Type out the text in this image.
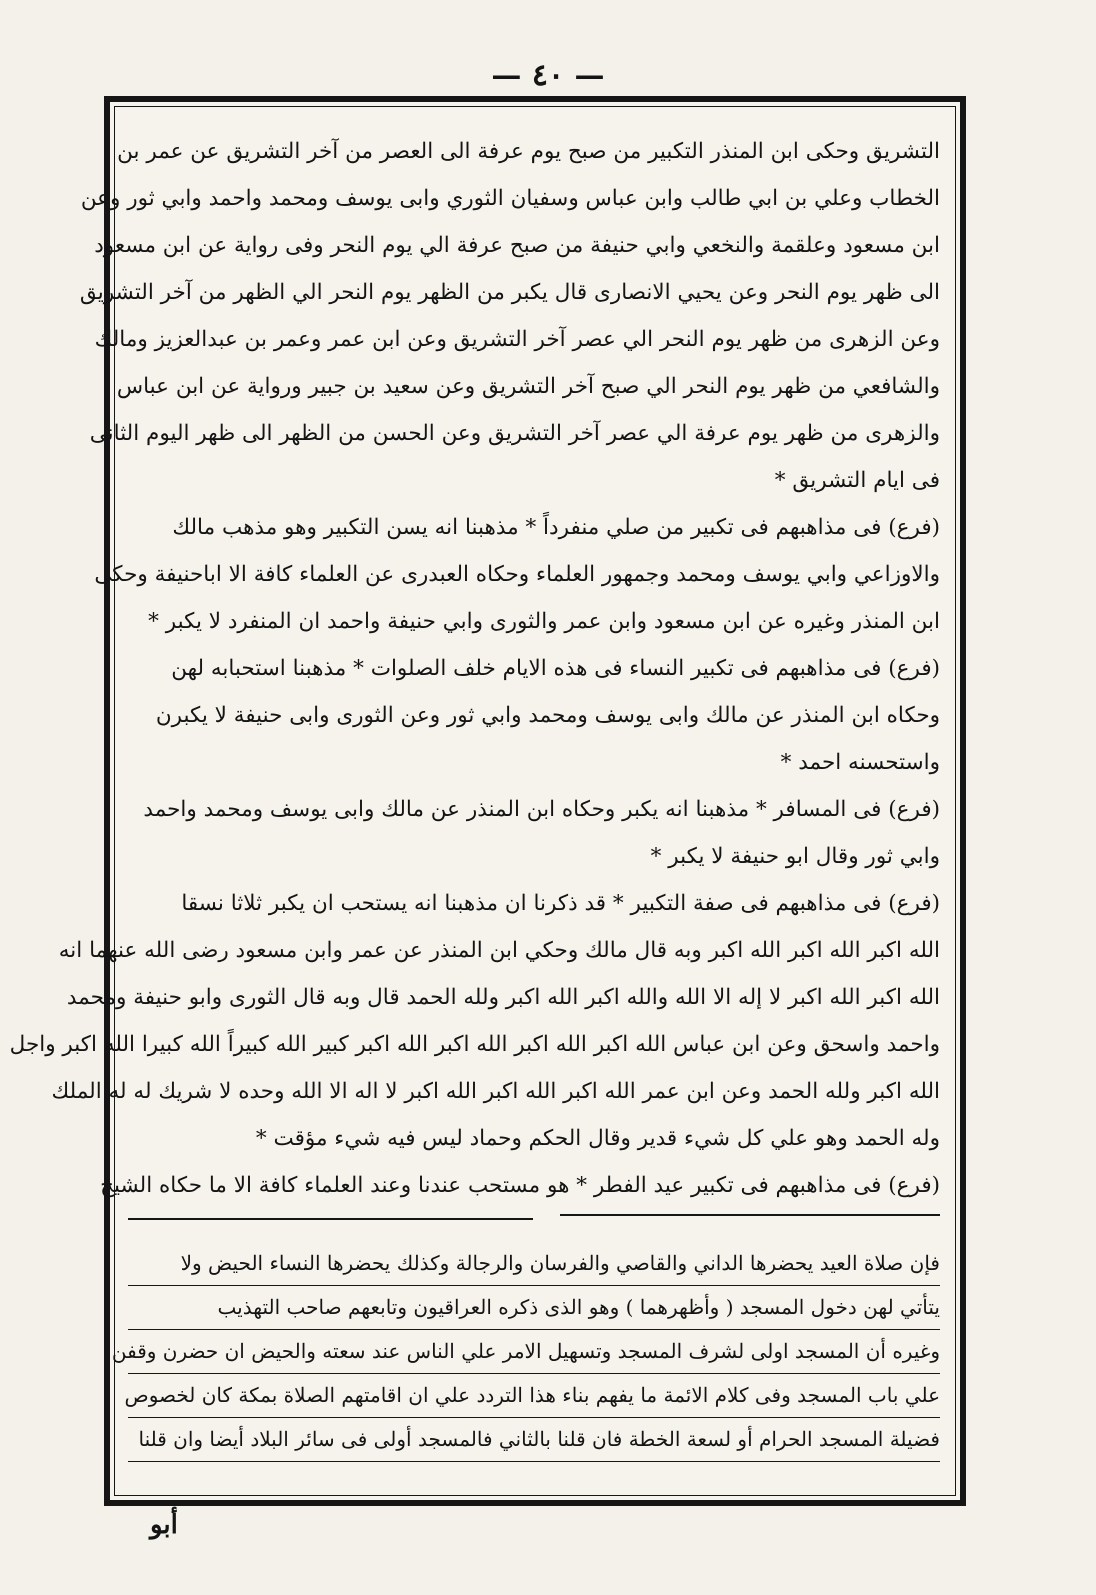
— ٤٠ —
التشريق وحكى ابن المنذر التكبير من صبح يوم عرفة الى العصر من آخر التشريق عن عمر بن
الخطاب وعلي بن ابي طالب وابن عباس وسفيان الثوري وابى يوسف ومحمد واحمد وابي ثور وعن
ابن مسعود وعلقمة والنخعي وابي حنيفة من صبح عرفة الي يوم النحر وفى رواية عن ابن مسعود
الى ظهر يوم النحر وعن يحيي الانصارى قال يكبر من الظهر يوم النحر الي الظهر من آخر التشريق
وعن الزهرى من ظهر يوم النحر الي عصر آخر التشريق وعن ابن عمر وعمر بن عبدالعزيز ومالك
والشافعي من ظهر يوم النحر الي صبح آخر التشريق وعن سعيد بن جبير ورواية عن ابن عباس
والزهرى من ظهر يوم عرفة الي عصر آخر التشريق وعن الحسن من الظهر الى ظهر اليوم الثانى
فى ايام التشريق *
(فرع) فى مذاهبهم فى تكبير من صلي منفرداً * مذهبنا انه يسن التكبير وهو مذهب مالك
والاوزاعي وابي يوسف ومحمد وجمهور العلماء وحكاه العبدرى عن العلماء كافة الا اباحنيفة وحكى
ابن المنذر وغيره عن ابن مسعود وابن عمر والثورى وابي حنيفة واحمد ان المنفرد لا يكبر *
(فرع) فى مذاهبهم فى تكبير النساء فى هذه الايام خلف الصلوات * مذهبنا استحبابه لهن
وحكاه ابن المنذر عن مالك وابى يوسف ومحمد وابي ثور وعن الثورى وابى حنيفة لا يكبرن
واستحسنه احمد *
(فرع) فى المسافر * مذهبنا انه يكبر وحكاه ابن المنذر عن مالك وابى يوسف ومحمد واحمد
وابي ثور وقال ابو حنيفة لا يكبر *
(فرع) فى مذاهبهم فى صفة التكبير * قد ذكرنا ان مذهبنا انه يستحب ان يكبر ثلاثا نسقا
الله اكبر الله اكبر الله اكبر وبه قال مالك وحكي ابن المنذر عن عمر وابن مسعود رضى الله عنهما انه
الله اكبر الله اكبر لا إله الا الله والله اكبر الله اكبر ولله الحمد قال وبه قال الثورى وابو حنيفة ومحمد
واحمد واسحق وعن ابن عباس الله اكبر الله اكبر الله اكبر الله اكبر كبير الله كبيراً الله كبيرا الله اكبر واجل
الله اكبر ولله الحمد وعن ابن عمر الله اكبر الله اكبر الله اكبر لا اله الا الله وحده لا شريك له له الملك
وله الحمد وهو علي كل شيء قدير وقال الحكم وحماد ليس فيه شيء مؤقت *
(فرع) فى مذاهبهم فى تكبير عيد الفطر * هو مستحب عندنا وعند العلماء كافة الا ما حكاه الشيخ
فإن صلاة العيد يحضرها الداني والقاصي والفرسان والرجالة وكذلك يحضرها النساء الحيض ولا
يتأتي لهن دخول المسجد ( وأظهرهما ) وهو الذى ذكره العراقيون وتابعهم صاحب التهذيب
وغيره أن المسجد اولى لشرف المسجد وتسهيل الامر علي الناس عند سعته والحيض ان حضرن وقفن
علي باب المسجد وفى كلام الائمة ما يفهم بناء هذا التردد علي ان اقامتهم الصلاة بمكة كان لخصوص
فضيلة المسجد الحرام أو لسعة الخطة فان قلنا بالثاني فالمسجد أولى فى سائر البلاد أيضا وان قلنا
أبو
